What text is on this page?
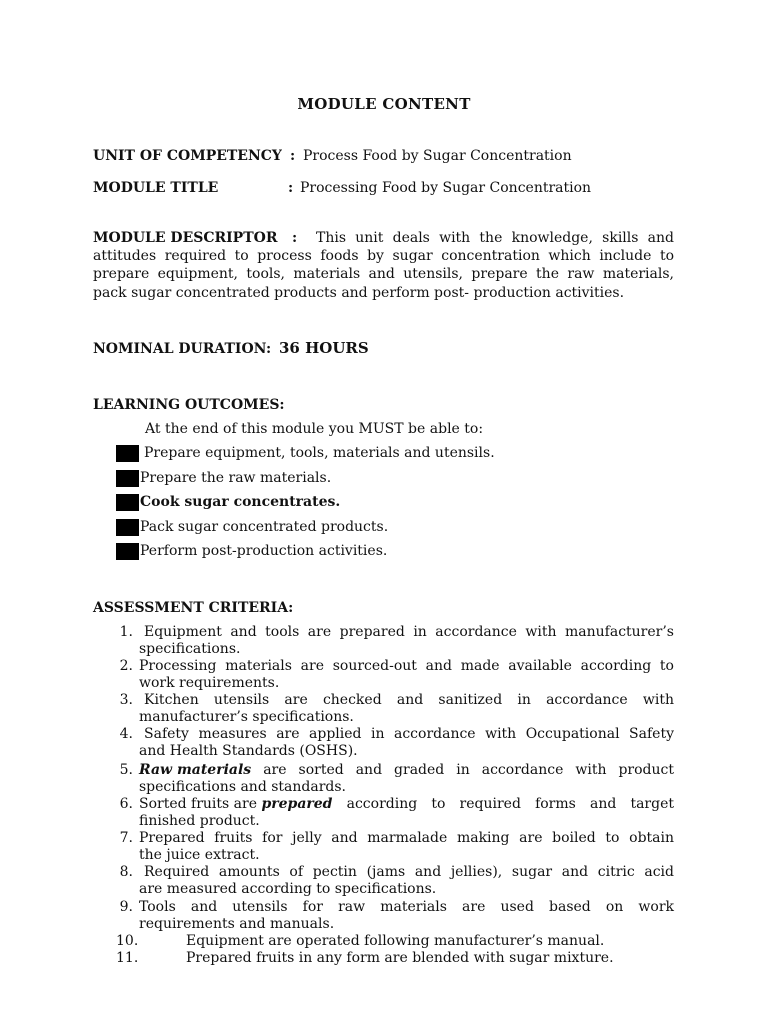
MODULE CONTENT
UNIT OF COMPETENCY : Process Food by Sugar Concentration
MODULE TITLE	: Processing Food by Sugar Concentration
MODULE DESCRIPTOR : This unit deals with the knowledge, skills and
attitudes required to process foods by sugar concentration which include to
prepare equipment, tools, materials and utensils, prepare the raw materials,
pack sugar concentrated products and perform post- production activities.
NOMINAL DURATION: 36 HOURS
LEARNING OUTCOMES:
At the end of this module you MUST be able to:
Prepare equipment, tools, materials and utensils.
Prepare the raw materials.
Cook sugar concentrates.
Pack sugar concentrated products.
Perform post-production activities.
ASSESSMENT CRITERIA:
1. Equipment and tools are prepared in accordance with manufacturer’s
specifications.
2. Processing materials are sourced-out and made available according to
work requirements.
3. Kitchen utensils are checked and sanitized in accordance with
manufacturer’s specifications.
4. Safety measures are applied in accordance with Occupational Safety
and Health Standards (OSHS).
5. Raw materials are sorted and graded in accordance with product
specifications and standards.
6. Sorted fruits are prepared according to required forms and target
finished product.
7. Prepared fruits for jelly and marmalade making are boiled to obtain
the juice extract.
8. Required amounts of pectin (jams and jellies), sugar and citric acid
are measured according to specifications.
9. Tools and utensils for raw materials are used based on work
requirements and manuals.
10.	Equipment are operated following manufacturer’s manual.
11.	Prepared fruits in any form are blended with sugar mixture.
